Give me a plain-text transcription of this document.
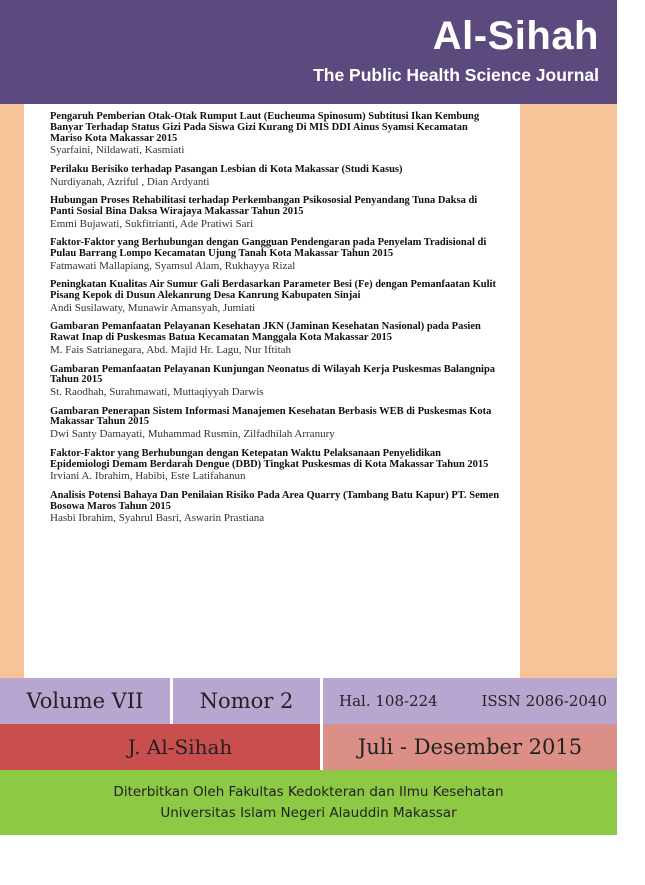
Al-Sihah
The Public Health Science Journal
Pengaruh Pemberian Otak-Otak Rumput Laut (Eucheuma Spinosum) Subtitusi Ikan Kembung Banyar Terhadap Status Gizi Pada Siswa Gizi Kurang Di MIS DDI Ainus Syamsi Kecamatan Mariso Kota Makassar 2015
Syarfaini, Nildawati, Kasmiati
Perilaku Berisiko terhadap Pasangan Lesbian di Kota Makassar (Studi Kasus)
Nurdiyanah, Azriful , Dian Ardyanti
Hubungan Proses Rehabilitasi terhadap Perkembangan Psikososial Penyandang Tuna Daksa di Panti Sosial Bina Daksa Wirajaya Makassar Tahun 2015
Emmi Bujawati, Sukfitrianti, Ade Pratiwi Sari
Faktor-Faktor yang Berhubungan dengan Gangguan Pendengaran pada Penyelam Tradisional di Pulau Barrang Lompo Kecamatan Ujung Tanah Kota Makassar Tahun 2015
Fatmawati Mallapiang, Syamsul Alam, Rukhayya Rizal
Peningkatan Kualitas Air Sumur Gali Berdasarkan Parameter Besi (Fe) dengan Pemanfaatan Kulit Pisang Kepok di Dusun Alekanrung Desa Kanrung Kabupaten Sinjai
Andi Susilawaty, Munawir Amansyah, Jumiati
Gambaran Pemanfaatan Pelayanan Kesehatan JKN (Jaminan Kesehatan Nasional) pada Pasien Rawat Inap di Puskesmas Batua Kecamatan Manggala Kota Makassar 2015
M. Fais Satrianegara, Abd. Majid Hr. Lagu, Nur Iftitah
Gambaran Pemanfaatan Pelayanan Kunjungan Neonatus di Wilayah Kerja Puskesmas Balangnipa Tahun 2015
St. Raodhah, Surahmawati, Muttaqiyyah Darwis
Gambaran Penerapan Sistem Informasi Manajemen Kesehatan Berbasis WEB di Puskesmas Kota Makassar Tahun 2015
Dwi Santy Damayati, Muhammad Rusmin, Zilfadhilah Arranury
Faktor-Faktor yang Berhubungan dengan Ketepatan Waktu Pelaksanaan Penyelidikan Epidemiologi Demam Berdarah Dengue (DBD) Tingkat Puskesmas di Kota Makassar Tahun 2015
Irviani A. Ibrahim, Habibi, Este Latifahanun
Analisis Potensi Bahaya Dan Penilaian Risiko Pada Area Quarry (Tambang Batu Kapur) PT. Semen Bosowa Maros Tahun 2015
Hasbi Ibrahim, Syahrul Basri, Aswarin Prastiana
Volume VII	Nomor 2	Hal. 108-224	ISSN 2086-2040
J. Al-Sihah	Juli - Desember 2015
Diterbitkan Oleh Fakultas Kedokteran dan Ilmu Kesehatan
Universitas Islam Negeri Alauddin Makassar
